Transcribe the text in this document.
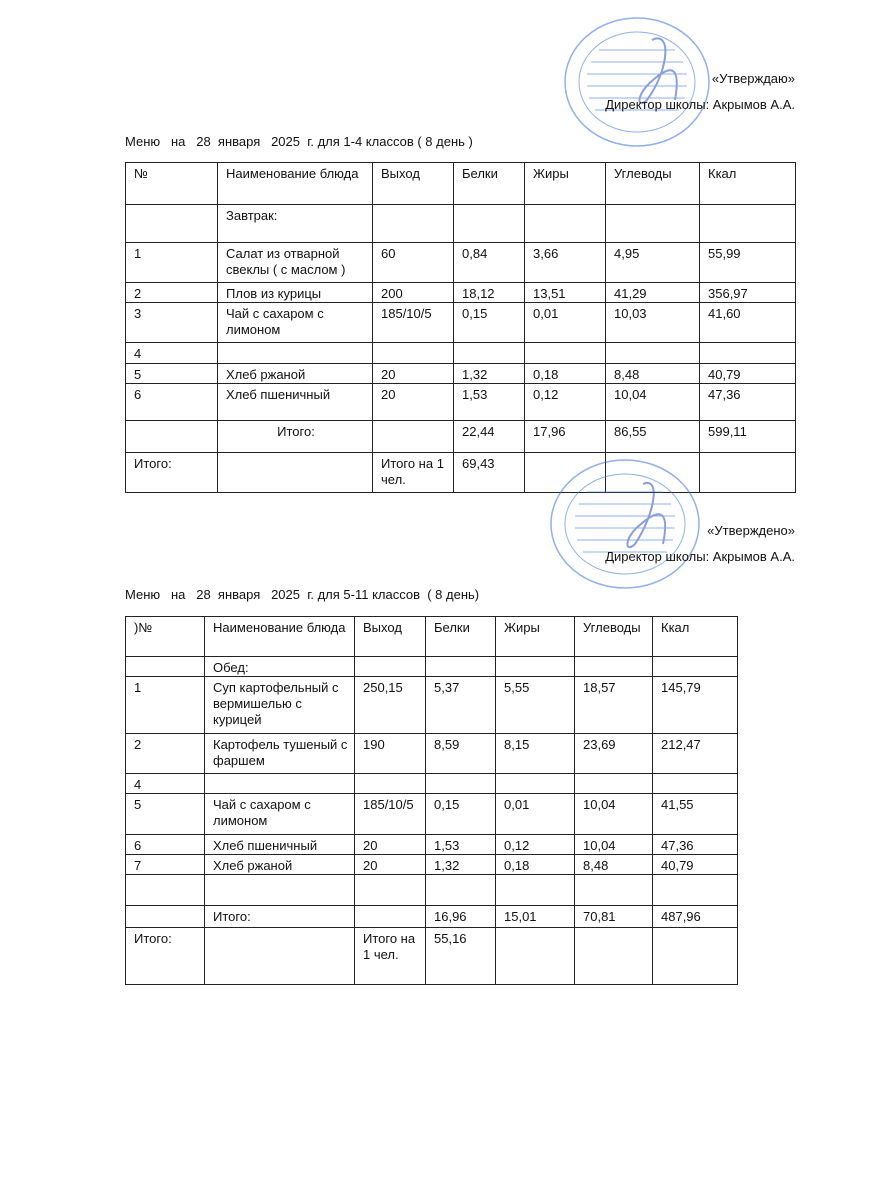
«Утверждаю»
Директор школы: Акрымов А.А.
Меню   на   28  января   2025  г. для 1-4 классов ( 8 день )
№	Наименование блюда	Выход	Белки	Жиры	Углеводы	Ккал
	Завтрак:					
1	Салат из отварной свеклы ( с маслом )	60	0,84	3,66	4,95	55,99
2	Плов из курицы	200	18,12	13,51	41,29	356,97
3	Чай с сахаром с лимоном	185/10/5	0,15	0,01	10,03	41,60
4						
5	Хлеб ржаной	20	1,32	0,18	8,48	40,79
6	Хлеб пшеничный	20	1,53	0,12	10,04	47,36
	Итого:		22,44	17,96	86,55	599,11
Итого:		Итого на 1 чел.	69,43			
«Утверждено»
Директор школы: Акрымов А.А.
Меню   на   28  января   2025  г. для 5-11 классов  ( 8 день)
)№	Наименование блюда	Выход	Белки	Жиры	Углеводы	Ккал
	Обед:					
1	Суп картофельный с вермишелью с курицей	250,15	5,37	5,55	18,57	145,79
2	Картофель тушеный с фаршем	190	8,59	8,15	23,69	212,47
4						
5	Чай с сахаром с лимоном	185/10/5	0,15	0,01	10,04	41,55
6	Хлеб пшеничный	20	1,53	0,12	10,04	47,36
7	Хлеб ржаной	20	1,32	0,18	8,48	40,79

	Итого:		16,96	15,01	70,81	487,96
Итого:		Итого на 1 чел.	55,16			
